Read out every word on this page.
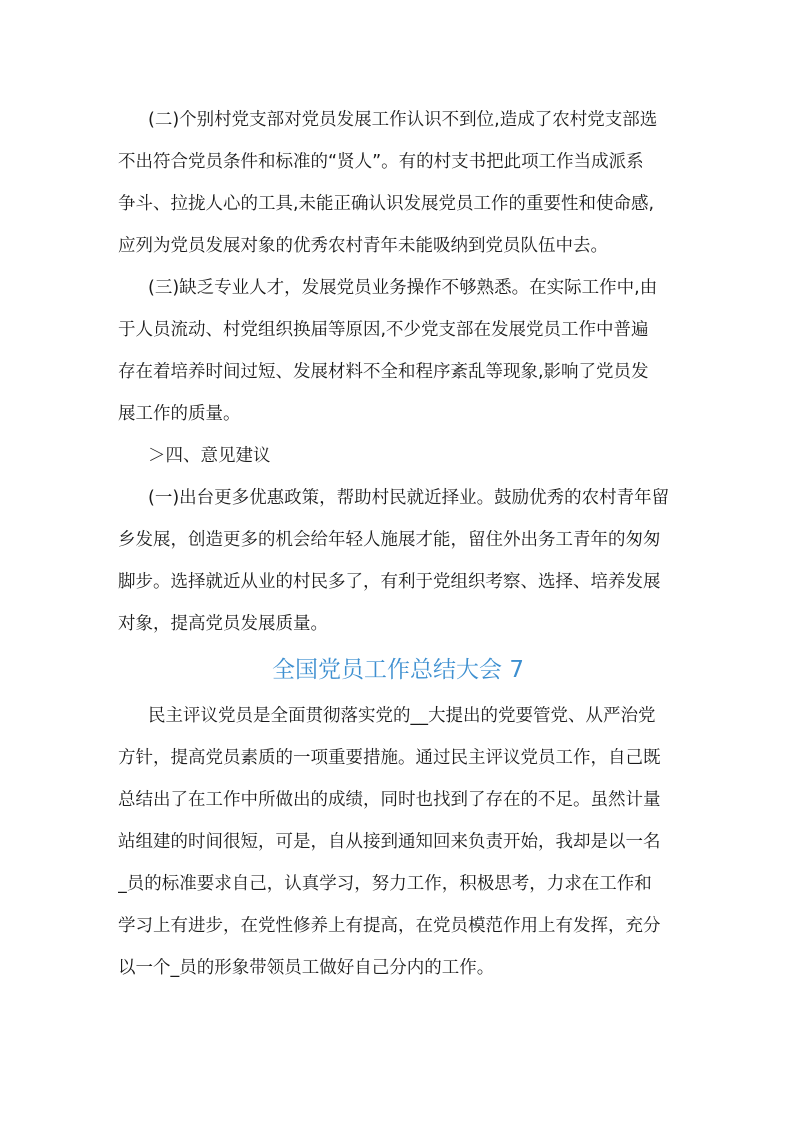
(二)个别村党支部对党员发展工作认识不到位,造成了农村党支部选
不出符合党员条件和标准的“贤人”。有的村支书把此项工作当成派系
争斗、拉拢人心的工具,未能正确认识发展党员工作的重要性和使命感,
应列为党员发展对象的优秀农村青年未能吸纳到党员队伍中去。
(三)缺乏专业人才，发展党员业务操作不够熟悉。在实际工作中,由
于人员流动、村党组织换届等原因,不少党支部在发展党员工作中普遍
存在着培养时间过短、发展材料不全和程序紊乱等现象,影响了党员发
展工作的质量。
＞四、意见建议
(一)出台更多优惠政策，帮助村民就近择业。鼓励优秀的农村青年留
乡发展，创造更多的机会给年轻人施展才能，留住外出务工青年的匆匆
脚步。选择就近从业的村民多了，有利于党组织考察、选择、培养发展
对象，提高党员发展质量。
全国党员工作总结大会 7
民主评议党员是全面贯彻落实党的__大提出的党要管党、从严治党
方针，提高党员素质的一项重要措施。通过民主评议党员工作，自己既
总结出了在工作中所做出的成绩，同时也找到了存在的不足。虽然计量
站组建的时间很短，可是，自从接到通知回来负责开始，我却是以一名
_员的标准要求自己，认真学习，努力工作，积极思考，力求在工作和
学习上有进步，在党性修养上有提高，在党员模范作用上有发挥，充分
以一个_员的形象带领员工做好自己分内的工作。
